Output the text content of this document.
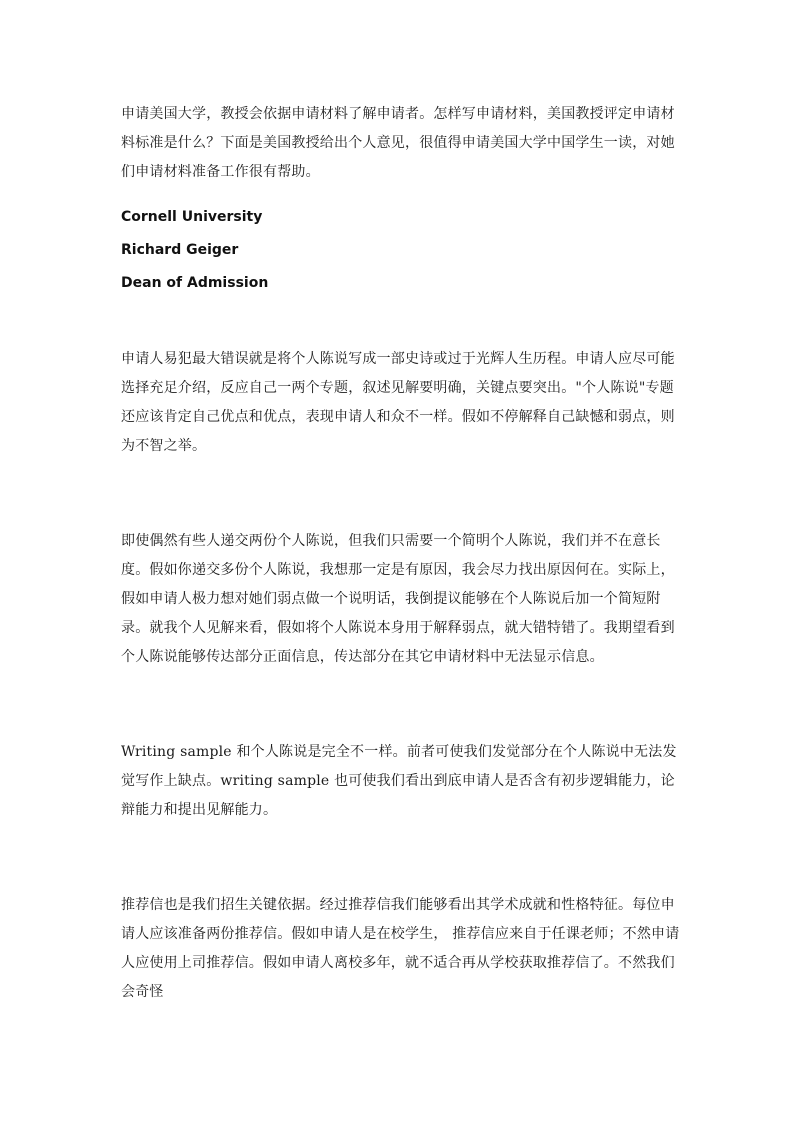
申请美国大学，教授会依据申请材料了解申请者。怎样写申请材料，美国教授评定申请材料标准是什么？下面是美国教授给出个人意见，很值得申请美国大学中国学生一读，对她们申请材料准备工作很有帮助。

Cornell University

Richard Geiger

Dean of Admission

申请人易犯最大错误就是将个人陈说写成一部史诗或过于光辉人生历程。申请人应尽可能选择充足介绍，反应自己一两个专题，叙述见解要明确，关键点要突出。"个人陈说"专题还应该肯定自己优点和优点，表现申请人和众不一样。假如不停解释自己缺憾和弱点，则为不智之举。

即使偶然有些人递交两份个人陈说，但我们只需要一个简明个人陈说，我们并不在意长度。假如你递交多份个人陈说，我想那一定是有原因，我会尽力找出原因何在。实际上，假如申请人极力想对她们弱点做一个说明话，我倒提议能够在个人陈说后加一个简短附录。就我个人见解来看，假如将个人陈说本身用于解释弱点，就大错特错了。我期望看到个人陈说能够传达部分正面信息，传达部分在其它申请材料中无法显示信息。

Writing sample 和个人陈说是完全不一样。前者可使我们发觉部分在个人陈说中无法发觉写作上缺点。writing sample 也可使我们看出到底申请人是否含有初步逻辑能力，论辩能力和提出见解能力。

推荐信也是我们招生关键依据。经过推荐信我们能够看出其学术成就和性格特征。每位申请人应该准备两份推荐信。假如申请人是在校学生， 推荐信应来自于任课老师；不然申请人应使用上司推荐信。假如申请人离校多年，就不适合再从学校获取推荐信了。不然我们会奇怪
